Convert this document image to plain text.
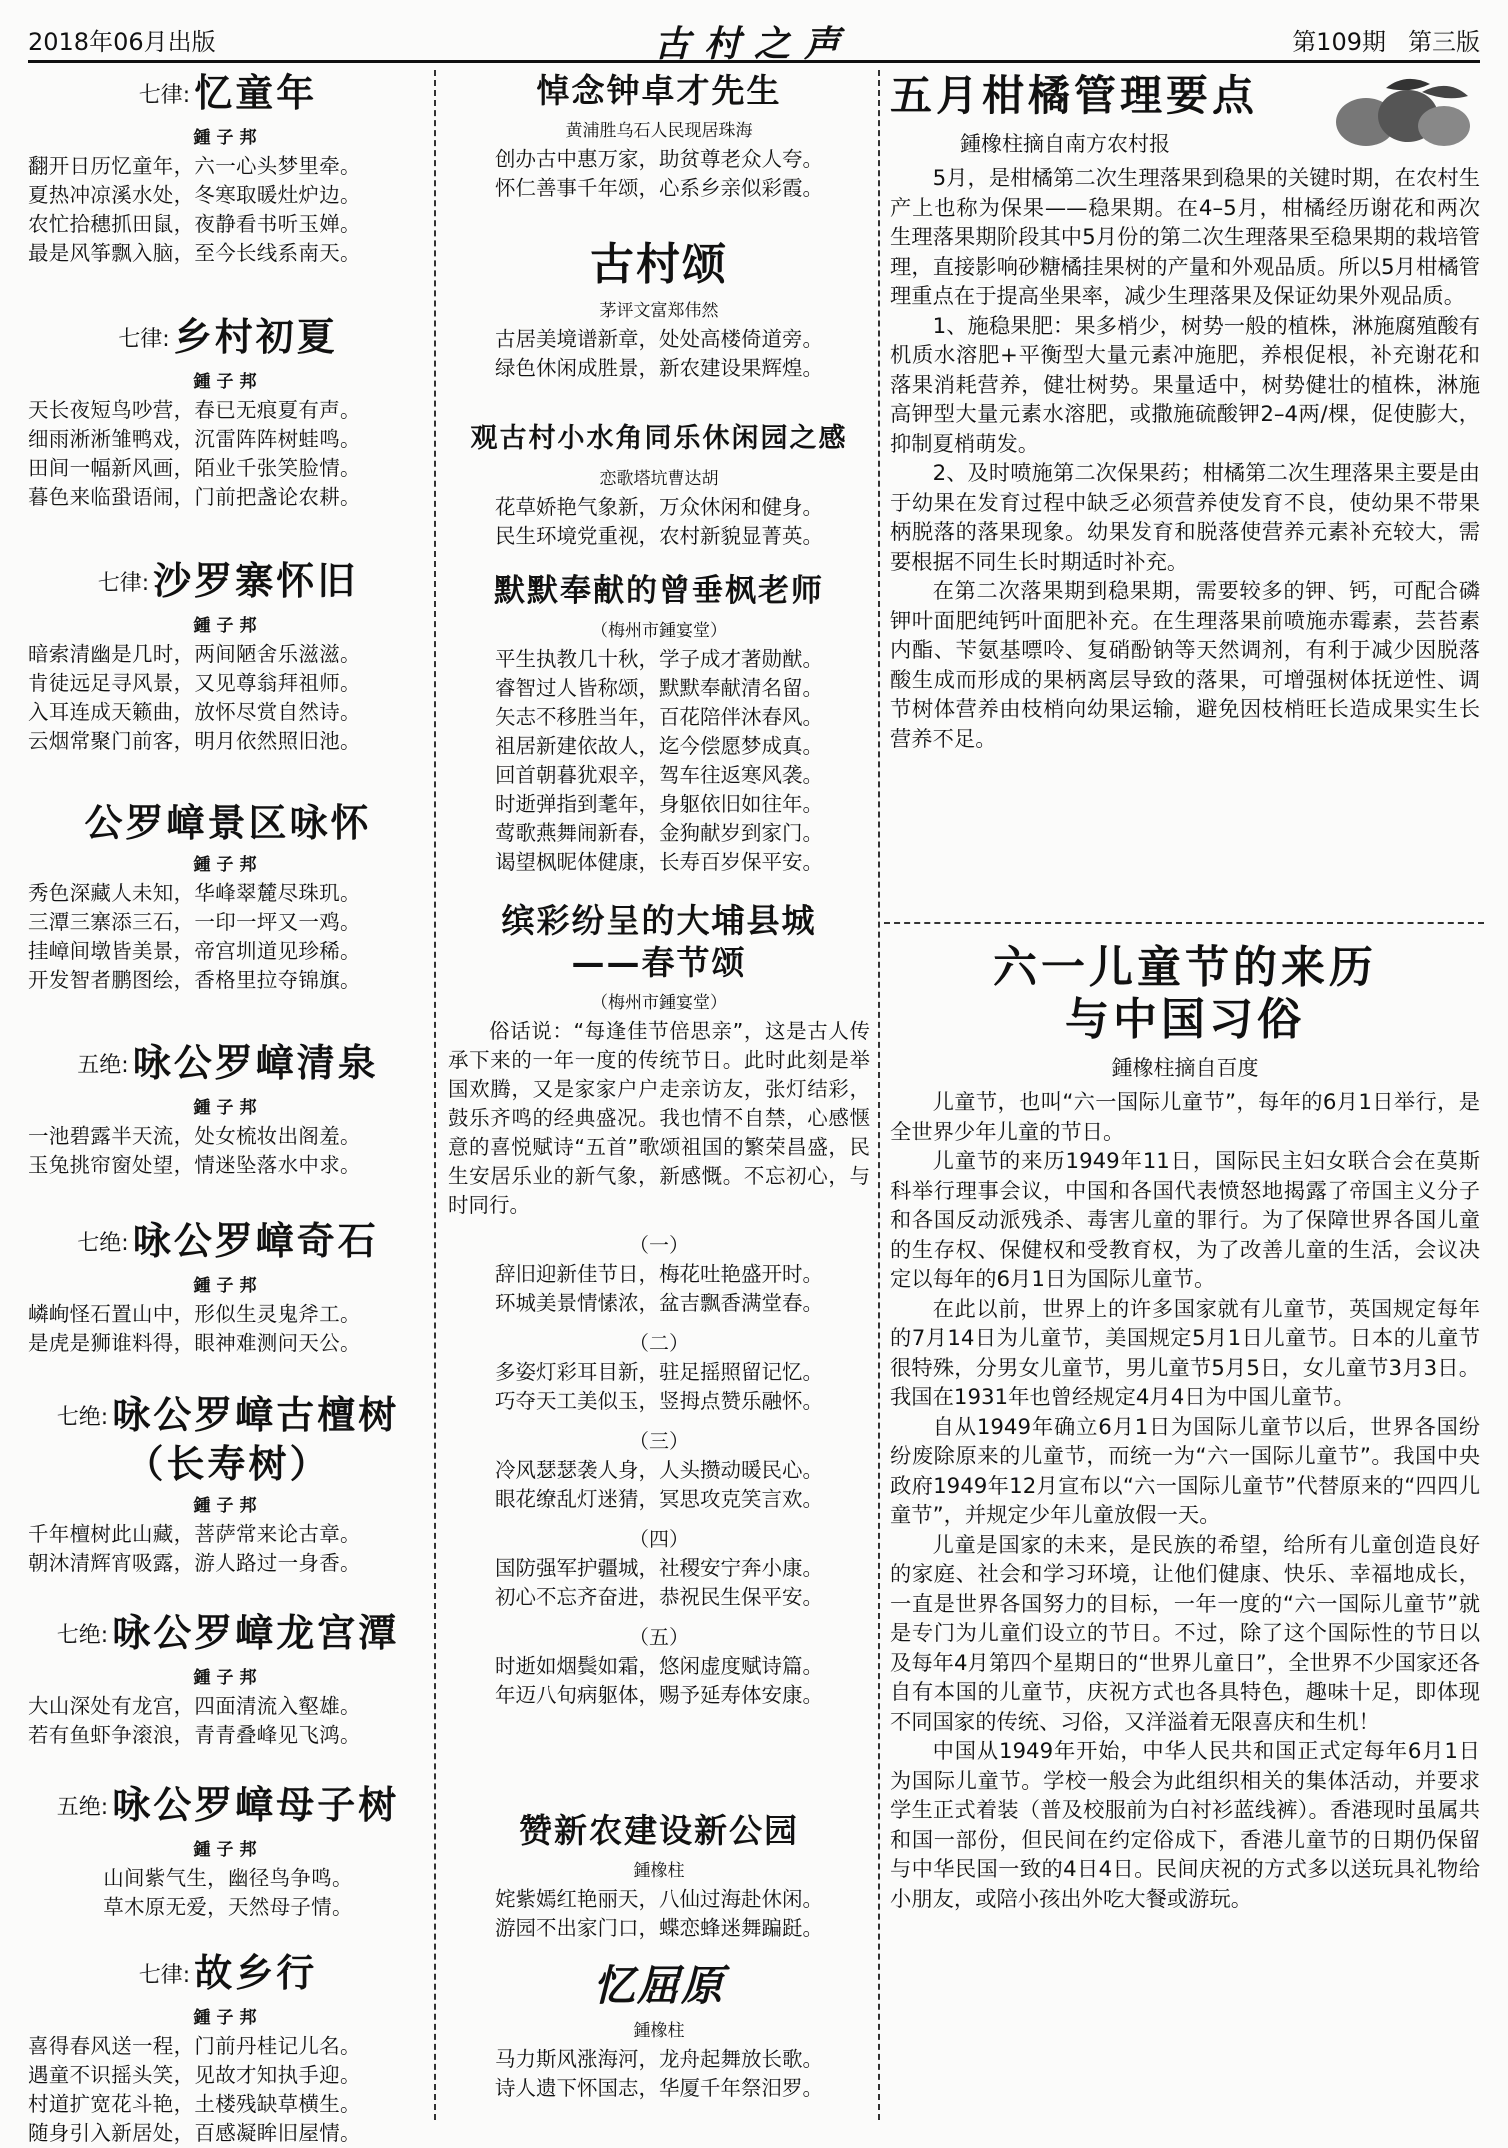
2018年06月出版	古村之声	第109期 第三版
七律: 忆童年
鍾子邦
翻开日历忆童年，六一心头梦里牵。
夏热冲凉溪水处，冬寒取暖灶炉边。
农忙拾穗抓田鼠，夜静看书听玉婵。
最是风筝飘入脑，至今长线系南天。
七律: 乡村初夏
鍾子邦
天长夜短鸟吵营，春已无痕夏有声。
细雨淅淅雏鸭戏，沉雷阵阵树蛙鸣。
田间一幅新风画，陌业千张笑脸情。
暮色来临蛩语闹，门前把盏论农耕。
七律: 沙罗寨怀旧
鍾子邦
暗索清幽是几时，两间陋舍乐滋滋。
肯徒远足寻风景，又见尊翁拜祖师。
入耳连成天籁曲，放怀尽赏自然诗。
云烟常聚门前客，明月依然照旧池。
公罗嶂景区咏怀
鍾子邦
秀色深藏人未知，华峰翠麓尽珠玑。
三潭三寨添三石，一印一坪又一鸡。
挂嶂间墩皆美景，帝宫圳道见珍稀。
开发智者鹏图绘，香格里拉夺锦旗。
五绝: 咏公罗嶂清泉
鍾子邦
一池碧露半天流，处女梳妆出阁羞。
玉兔挑帘窗处望，情迷坠落水中求。
七绝: 咏公罗嶂奇石
鍾子邦
嶙峋怪石置山中，形似生灵鬼斧工。
是虎是狮谁料得，眼神难测问天公。
七绝: 咏公罗嶂古檀树
（长寿树）
鍾子邦
千年檀树此山藏，菩萨常来论古章。
朝沐清辉宵吸露，游人路过一身香。
七绝: 咏公罗嶂龙宫潭
鍾子邦
大山深处有龙宫，四面清流入壑雄。
若有鱼虾争滚浪，青青叠峰见飞鸿。
五绝: 咏公罗嶂母子树
鍾子邦
山间紫气生，幽径鸟争鸣。
草木原无爱，天然母子情。
七律: 故乡行
鍾子邦
喜得春风送一程，门前丹桂记儿名。
遇童不识摇头笑，见故才知执手迎。
村道扩宽花斗艳，土楼残缺草横生。
随身引入新居处，百感凝眸旧屋情。
悼念钟卓才先生
黄浦胜乌石人民现居珠海
创办古中惠万家，助贫尊老众人夸。
怀仁善事千年颂，心系乡亲似彩霞。
古村颂
茅评文富郑伟然
古居美境谱新章，处处高楼倚道旁。
绿色休闲成胜景，新农建设果辉煌。
观古村小水角同乐休闲园之感
恋歌塔坑曹达胡
花草娇艳气象新，万众休闲和健身。
民生环境党重视，农村新貌显菁英。
默默奉献的曾垂枫老师
（梅州市鍾宴堂）
平生执教几十秋，学子成才著勋猷。
睿智过人皆称颂，默默奉献清名留。
矢志不移胜当年，百花陪伴沐春风。
祖居新建依故人，迄今偿愿梦成真。
回首朝暮犹艰辛，驾车往返寒风袭。
时逝弹指到耄年，身躯依旧如往年。
莺歌燕舞闹新春，金狗献岁到家门。
谒望枫昵体健康，长寿百岁保平安。
缤彩纷呈的大埔县城
——春节颂
（梅州市鍾宴堂）
俗话说：“每逢佳节倍思亲”，这是古人传承下来的一年一度的传统节日。此时此刻是举国欢腾，又是家家户户走亲访友，张灯结彩，鼓乐齐鸣的经典盛况。我也情不自禁，心感惬意的喜悦赋诗“五首”歌颂祖国的繁荣昌盛，民生安居乐业的新气象，新感慨。不忘初心，与时同行。
（一）
辞旧迎新佳节日，梅花吐艳盛开时。
环城美景情愫浓，盆吉飘香满堂春。
（二）
多姿灯彩耳目新，驻足摇照留记忆。
巧夺天工美似玉，竖拇点赞乐融怀。
（三）
冷风瑟瑟袭人身，人头攒动暖民心。
眼花缭乱灯迷猜，冥思攻克笑言欢。
（四）
国防强军护疆城，社稷安宁奔小康。
初心不忘齐奋进，恭祝民生保平安。
（五）
时逝如烟鬓如霜，悠闲虚度赋诗篇。
年迈八旬病躯体，赐予延寿体安康。
赞新农建设新公园
鍾橡柱
姹紫嫣红艳丽天，八仙过海赴休闲。
游园不出家门口，蝶恋蜂迷舞蹁跹。
忆屈原
鍾橡柱
马力斯风涨海河，龙舟起舞放长歌。
诗人遗下怀国志，华厦千年祭汨罗。
五月柑橘管理要点
鍾橡柱摘自南方农村报

5月，是柑橘第二次生理落果到稳果的关键时期，在农村生产上也称为保果——稳果期。在4–5月，柑橘经历谢花和两次生理落果期阶段其中5月份的第二次生理落果至稳果期的栽培管理，直接影响砂糖橘挂果树的产量和外观品质。所以5月柑橘管理重点在于提高坐果率，减少生理落果及保证幼果外观品质。

1、施稳果肥：果多梢少，树势一般的植株，淋施腐殖酸有机质水溶肥+平衡型大量元素冲施肥，养根促根，补充谢花和落果消耗营养，健壮树势。果量适中，树势健壮的植株，淋施高钾型大量元素水溶肥，或撒施硫酸钾2–4两/棵，促使膨大，抑制夏梢萌发。

2、及时喷施第二次保果药；柑橘第二次生理落果主要是由于幼果在发育过程中缺乏必须营养使发育不良，使幼果不带果柄脱落的落果现象。幼果发育和脱落使营养元素补充较大，需要根据不同生长时期适时补充。

在第二次落果期到稳果期，需要较多的钾、钙，可配合磷钾叶面肥纯钙叶面肥补充。在生理落果前喷施赤霉素，芸苔素内酯、苄氨基嘌呤、复硝酚钠等天然调剂，有利于减少因脱落酸生成而形成的果柄离层导致的落果，可增强树体抚逆性、调节树体营养由枝梢向幼果运输，避免因枝梢旺长造成果实生长营养不足。

六一儿童节的来历
与中国习俗
鍾橡柱摘自百度

儿童节，也叫“六一国际儿童节”，每年的6月1日举行，是全世界少年儿童的节日。

儿童节的来历1949年11日，国际民主妇女联合会在莫斯科举行理事会议，中国和各国代表愤怒地揭露了帝国主义分子和各国反动派残杀、毒害儿童的罪行。为了保障世界各国儿童的生存权、保健权和受教育权，为了改善儿童的生活，会议决定以每年的6月1日为国际儿童节。

在此以前，世界上的许多国家就有儿童节，英国规定每年的7月14日为儿童节，美国规定5月1日儿童节。日本的儿童节很特殊，分男女儿童节，男儿童节5月5日，女儿童节3月3日。我国在1931年也曾经规定4月4日为中国儿童节。

自从1949年确立6月1日为国际儿童节以后，世界各国纷纷废除原来的儿童节，而统一为“六一国际儿童节”。我国中央政府1949年12月宣布以“六一国际儿童节”代替原来的“四四儿童节”，并规定少年儿童放假一天。

儿童是国家的未来，是民族的希望，给所有儿童创造良好的家庭、社会和学习环境，让他们健康、快乐、幸福地成长，一直是世界各国努力的目标，一年一度的“六一国际儿童节”就是专门为儿童们设立的节日。不过，除了这个国际性的节日以及每年4月第四个星期日的“世界儿童日”，全世界不少国家还各自有本国的儿童节，庆祝方式也各具特色，趣味十足，即体现不同国家的传统、习俗，又洋溢着无限喜庆和生机！

中国从1949年开始，中华人民共和国正式定每年6月1日为国际儿童节。学校一般会为此组织相关的集体活动，并要求学生正式着装（普及校服前为白衬衫蓝线裤）。香港现时虽属共和国一部份，但民间在约定俗成下，香港儿童节的日期仍保留与中华民国一致的4日4日。民间庆祝的方式多以送玩具礼物给小朋友，或陪小孩出外吃大餐或游玩。
